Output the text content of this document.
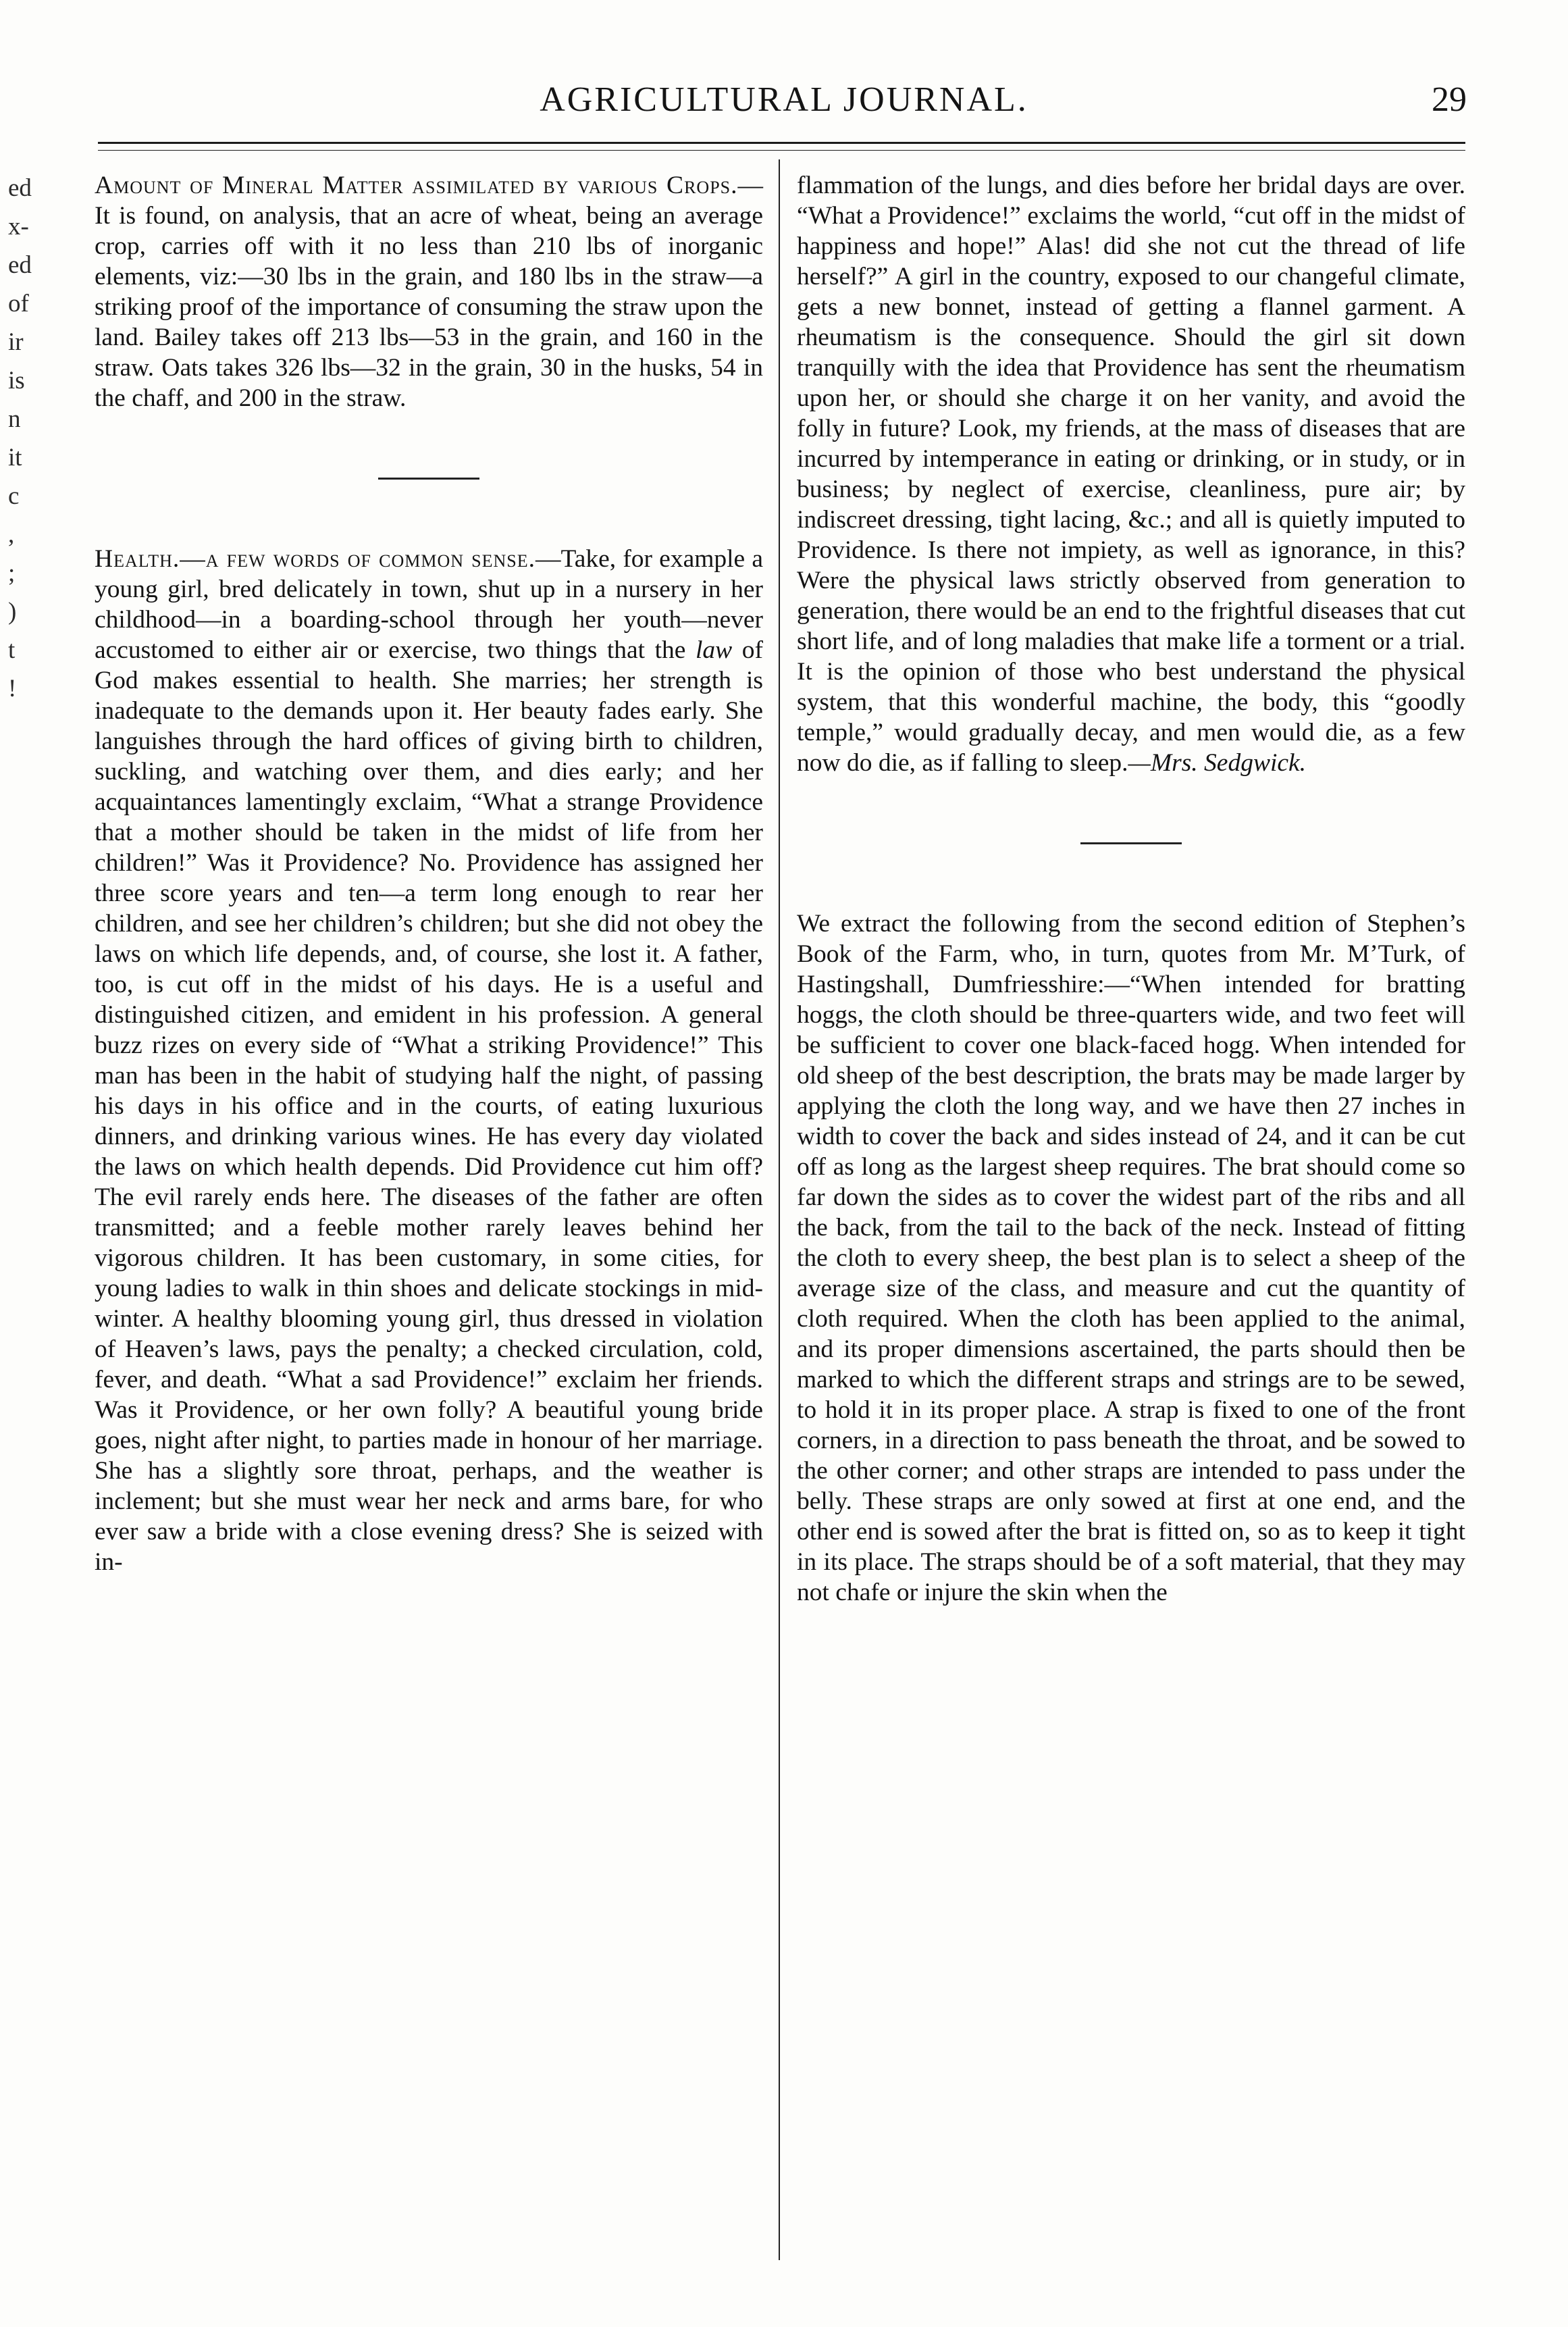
AGRICULTURAL JOURNAL.	29
ed
x-
ed
of
ir
is
n
it
c
,
;
)
t
!

Amount of Mineral Matter assimilated by various Crops.—It is found, on analysis, that an acre of wheat, being an average crop, carries off with it no less than 210 lbs of inorganic elements, viz:—30 lbs in the grain, and 180 lbs in the straw—a striking proof of the importance of consuming the straw upon the land. Bailey takes off 213 lbs—53 in the grain, and 160 in the straw. Oats takes 326 lbs—32 in the grain, 30 in the husks, 54 in the chaff, and 200 in the straw.

Health.—a few words of common sense.—Take, for example a young girl, bred delicately in town, shut up in a nursery in her childhood—in a boarding-school through her youth—never accustomed to either air or exercise, two things that the law of God makes essential to health. She marries; her strength is inadequate to the demands upon it. Her beauty fades early. She languishes through the hard offices of giving birth to children, suckling, and watching over them, and dies early; and her acquaintances lamentingly exclaim, “What a strange Providence that a mother should be taken in the midst of life from her children!” Was it Providence? No. Providence has assigned her three score years and ten—a term long enough to rear her children, and see her children’s children; but she did not obey the laws on which life depends, and, of course, she lost it. A father, too, is cut off in the midst of his days. He is a useful and distinguished citizen, and emident in his profession. A general buzz rizes on every side of “What a striking Providence!” This man has been in the habit of studying half the night, of passing his days in his office and in the courts, of eating luxurious dinners, and drinking various wines. He has every day violated the laws on which health depends. Did Providence cut him off? The evil rarely ends here. The diseases of the father are often transmitted; and a feeble mother rarely leaves behind her vigorous children. It has been customary, in some cities, for young ladies to walk in thin shoes and delicate stockings in mid-winter. A healthy blooming young girl, thus dressed in violation of Heaven’s laws, pays the penalty; a checked circulation, cold, fever, and death. “What a sad Providence!” exclaim her friends. Was it Providence, or her own folly? A beautiful young bride goes, night after night, to parties made in honour of her marriage. She has a slightly sore throat, perhaps, and the weather is inclement; but she must wear her neck and arms bare, for who ever saw a bride with a close evening dress? She is seized with in-

flammation of the lungs, and dies before her bridal days are over. “What a Providence!” exclaims the world, “cut off in the midst of happiness and hope!” Alas! did she not cut the thread of life herself?” A girl in the country, exposed to our changeful climate, gets a new bonnet, instead of getting a flannel garment. A rheumatism is the consequence. Should the girl sit down tranquilly with the idea that Providence has sent the rheumatism upon her, or should she charge it on her vanity, and avoid the folly in future? Look, my friends, at the mass of diseases that are incurred by intemperance in eating or drinking, or in study, or in business; by neglect of exercise, cleanliness, pure air; by indiscreet dressing, tight lacing, &c.; and all is quietly imputed to Providence. Is there not impiety, as well as ignorance, in this? Were the physical laws strictly observed from generation to generation, there would be an end to the frightful diseases that cut short life, and of long maladies that make life a torment or a trial. It is the opinion of those who best understand the physical system, that this wonderful machine, the body, this “goodly temple,” would gradually decay, and men would die, as a few now do die, as if falling to sleep.—Mrs. Sedgwick.

We extract the following from the second edition of Stephen’s Book of the Farm, who, in turn, quotes from Mr. M’Turk, of Hastingshall, Dumfriesshire:—“When intended for bratting hoggs, the cloth should be three-quarters wide, and two feet will be sufficient to cover one black-faced hogg. When intended for old sheep of the best description, the brats may be made larger by applying the cloth the long way, and we have then 27 inches in width to cover the back and sides instead of 24, and it can be cut off as long as the largest sheep requires. The brat should come so far down the sides as to cover the widest part of the ribs and all the back, from the tail to the back of the neck. Instead of fitting the cloth to every sheep, the best plan is to select a sheep of the average size of the class, and measure and cut the quantity of cloth required. When the cloth has been applied to the animal, and its proper dimensions ascertained, the parts should then be marked to which the different straps and strings are to be sewed, to hold it in its proper place. A strap is fixed to one of the front corners, in a direction to pass beneath the throat, and be sowed to the other corner; and other straps are intended to pass under the belly. These straps are only sowed at first at one end, and the other end is sowed after the brat is fitted on, so as to keep it tight in its place. The straps should be of a soft material, that they may not chafe or injure the skin when the
